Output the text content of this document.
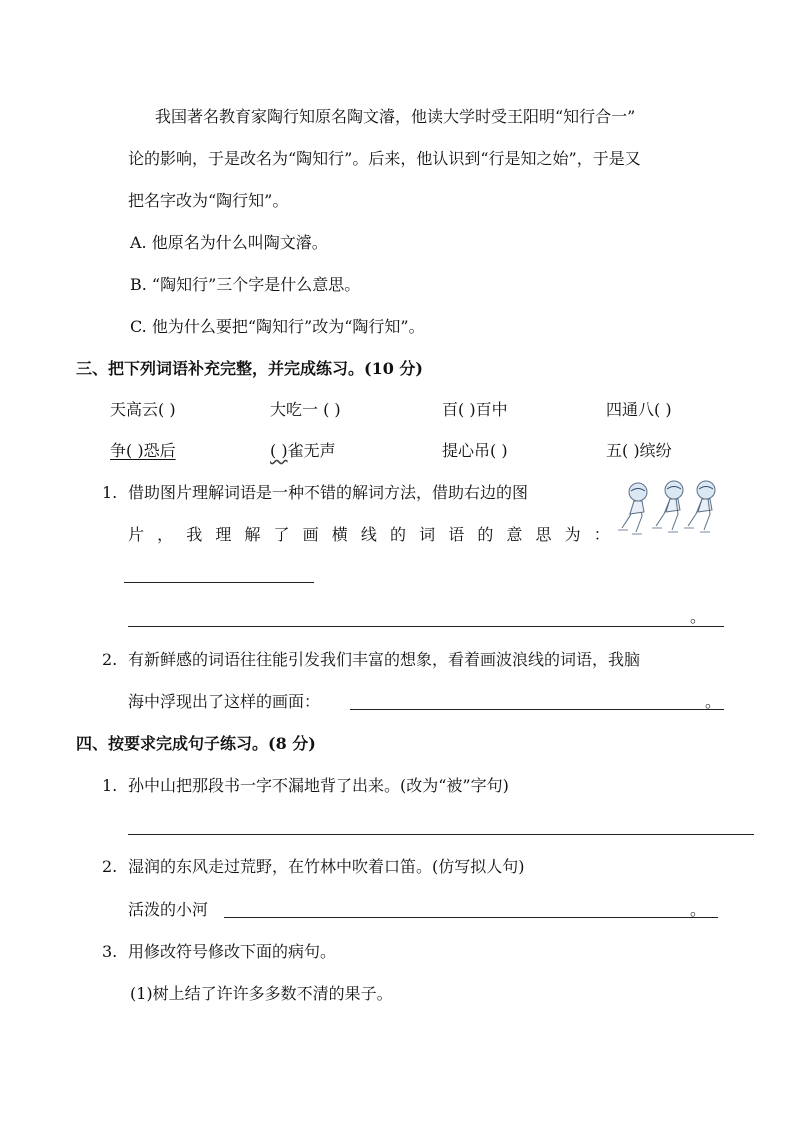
我国著名教育家陶行知原名陶文濬，他读大学时受王阳明“知行合一”
论的影响，于是改名为“陶知行”。后来，他认识到“行是知之始”，于是又
把名字改为“陶行知”。
A. 他原名为什么叫陶文濬。
B. “陶知行”三个字是什么意思。
C. 他为什么要把“陶知行”改为“陶行知”。
三、把下列词语补充完整，并完成练习。(10 分)
天高云( )	大吃一 ( )	百( )百中	四通八( )
争( )恐后	( )雀无声	提心吊( )	五( )缤纷
1. 借助图片理解词语是一种不错的解词方法，借助右边的图
片 ， 我 理 解 了 画 横 线 的 词 语 的 意 思 为 ：
。
2. 有新鲜感的词语往往能引发我们丰富的想象，看着画波浪线的词语，我脑
海中浮现出了这样的画面：	。
四、按要求完成句子练习。(8 分)
1. 孙中山把那段书一字不漏地背了出来。(改为“被”字句)
2. 湿润的东风走过荒野，在竹林中吹着口笛。(仿写拟人句)
活泼的小河	。
3. 用修改符号修改下面的病句。
(1)树上结了许许多多数不清的果子。
